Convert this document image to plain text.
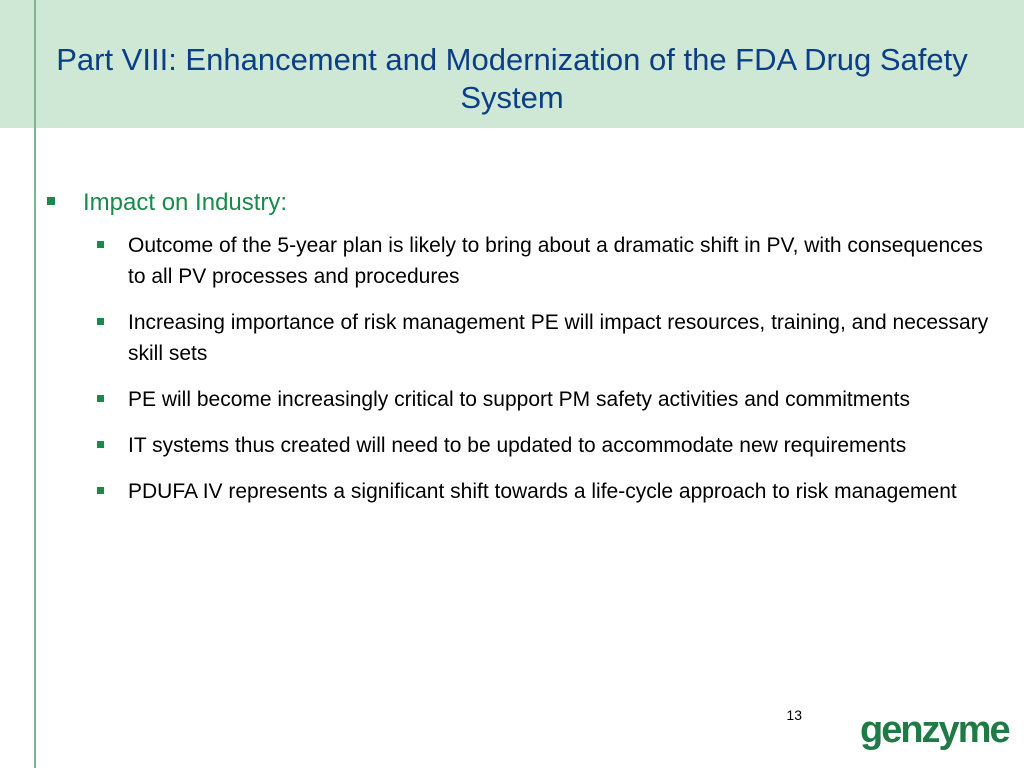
Part VIII: Enhancement and Modernization of the FDA Drug Safety System
Impact on Industry:
Outcome of the 5-year plan is likely to bring about a dramatic shift in PV, with consequences to all PV processes and procedures
Increasing importance of risk management PE will impact resources, training, and necessary skill sets
PE will become increasingly critical to support PM safety activities and commitments
IT systems thus created will need to be updated to accommodate new requirements
PDUFA IV represents a significant shift towards a life-cycle approach to risk management
13 genzyme
